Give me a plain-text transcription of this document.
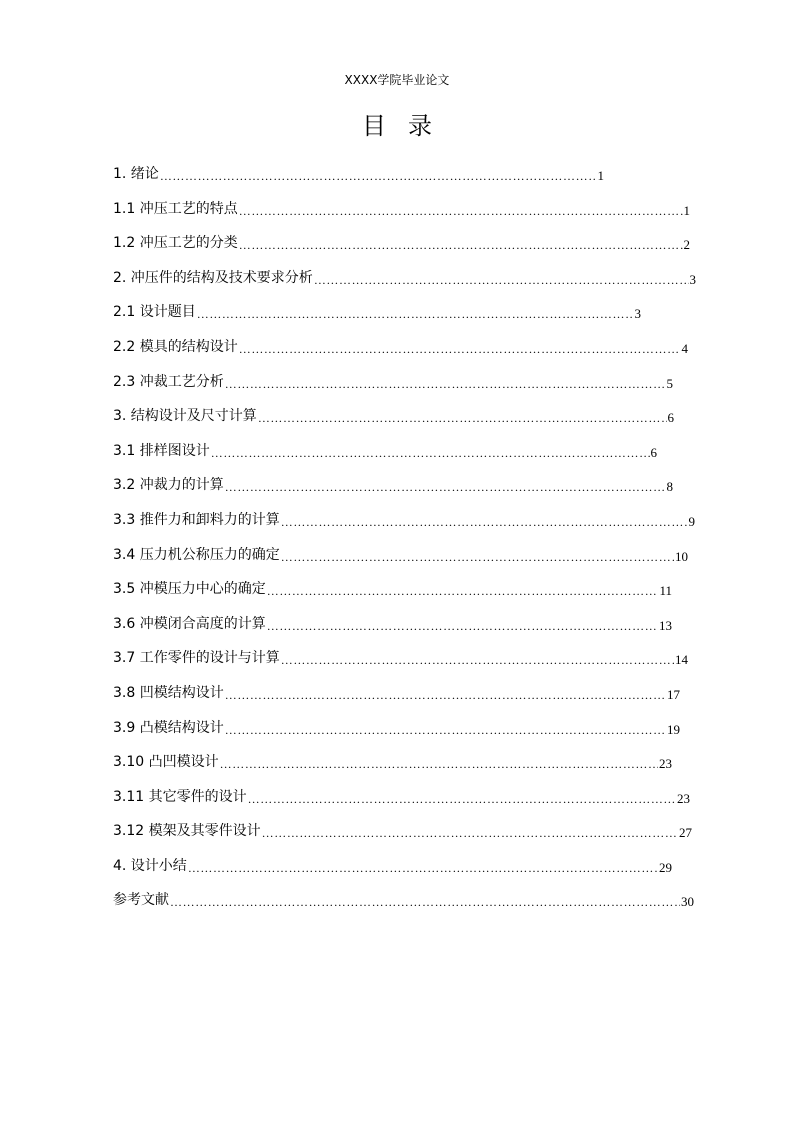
XXXX学院毕业论文
目录
1. 绪论 ……………………………………………………………………………………………………………………………………………………………………………………………………	1
1.1 冲压工艺的特点 ……………………………………………………………………………………………………………………………………………………………………………………………………	1
1.2 冲压工艺的分类 ……………………………………………………………………………………………………………………………………………………………………………………………………	2
2. 冲压件的结构及技术要求分析 ……………………………………………………………………………………………………………………………………………………………………………………………………	3
2.1 设计题目 ……………………………………………………………………………………………………………………………………………………………………………………………………	3
2.2 模具的结构设计 ……………………………………………………………………………………………………………………………………………………………………………………………………	4
2.3 冲裁工艺分析 ……………………………………………………………………………………………………………………………………………………………………………………………………	5
3. 结构设计及尺寸计算 ……………………………………………………………………………………………………………………………………………………………………………………………………	6
3.1 排样图设计 ……………………………………………………………………………………………………………………………………………………………………………………………………	6
3.2 冲裁力的计算 ……………………………………………………………………………………………………………………………………………………………………………………………………	8
3.3 推件力和卸料力的计算 ……………………………………………………………………………………………………………………………………………………………………………………………………	9
3.4 压力机公称压力的确定 ……………………………………………………………………………………………………………………………………………………………………………………………………	10
3.5 冲模压力中心的确定 ……………………………………………………………………………………………………………………………………………………………………………………………………	11
3.6 冲模闭合高度的计算 ……………………………………………………………………………………………………………………………………………………………………………………………………	13
3.7 工作零件的设计与计算 ……………………………………………………………………………………………………………………………………………………………………………………………………	14
3.8 凹模结构设计 ……………………………………………………………………………………………………………………………………………………………………………………………………	17
3.9 凸模结构设计 ……………………………………………………………………………………………………………………………………………………………………………………………………	19
3.10 凸凹模设计 ……………………………………………………………………………………………………………………………………………………………………………………………………	23
3.11 其它零件的设计 ……………………………………………………………………………………………………………………………………………………………………………………………………	23
3.12 模架及其零件设计 ……………………………………………………………………………………………………………………………………………………………………………………………………	27
4. 设计小结 ……………………………………………………………………………………………………………………………………………………………………………………………………	29
参考文献 ……………………………………………………………………………………………………………………………………………………………………………………………………	30
